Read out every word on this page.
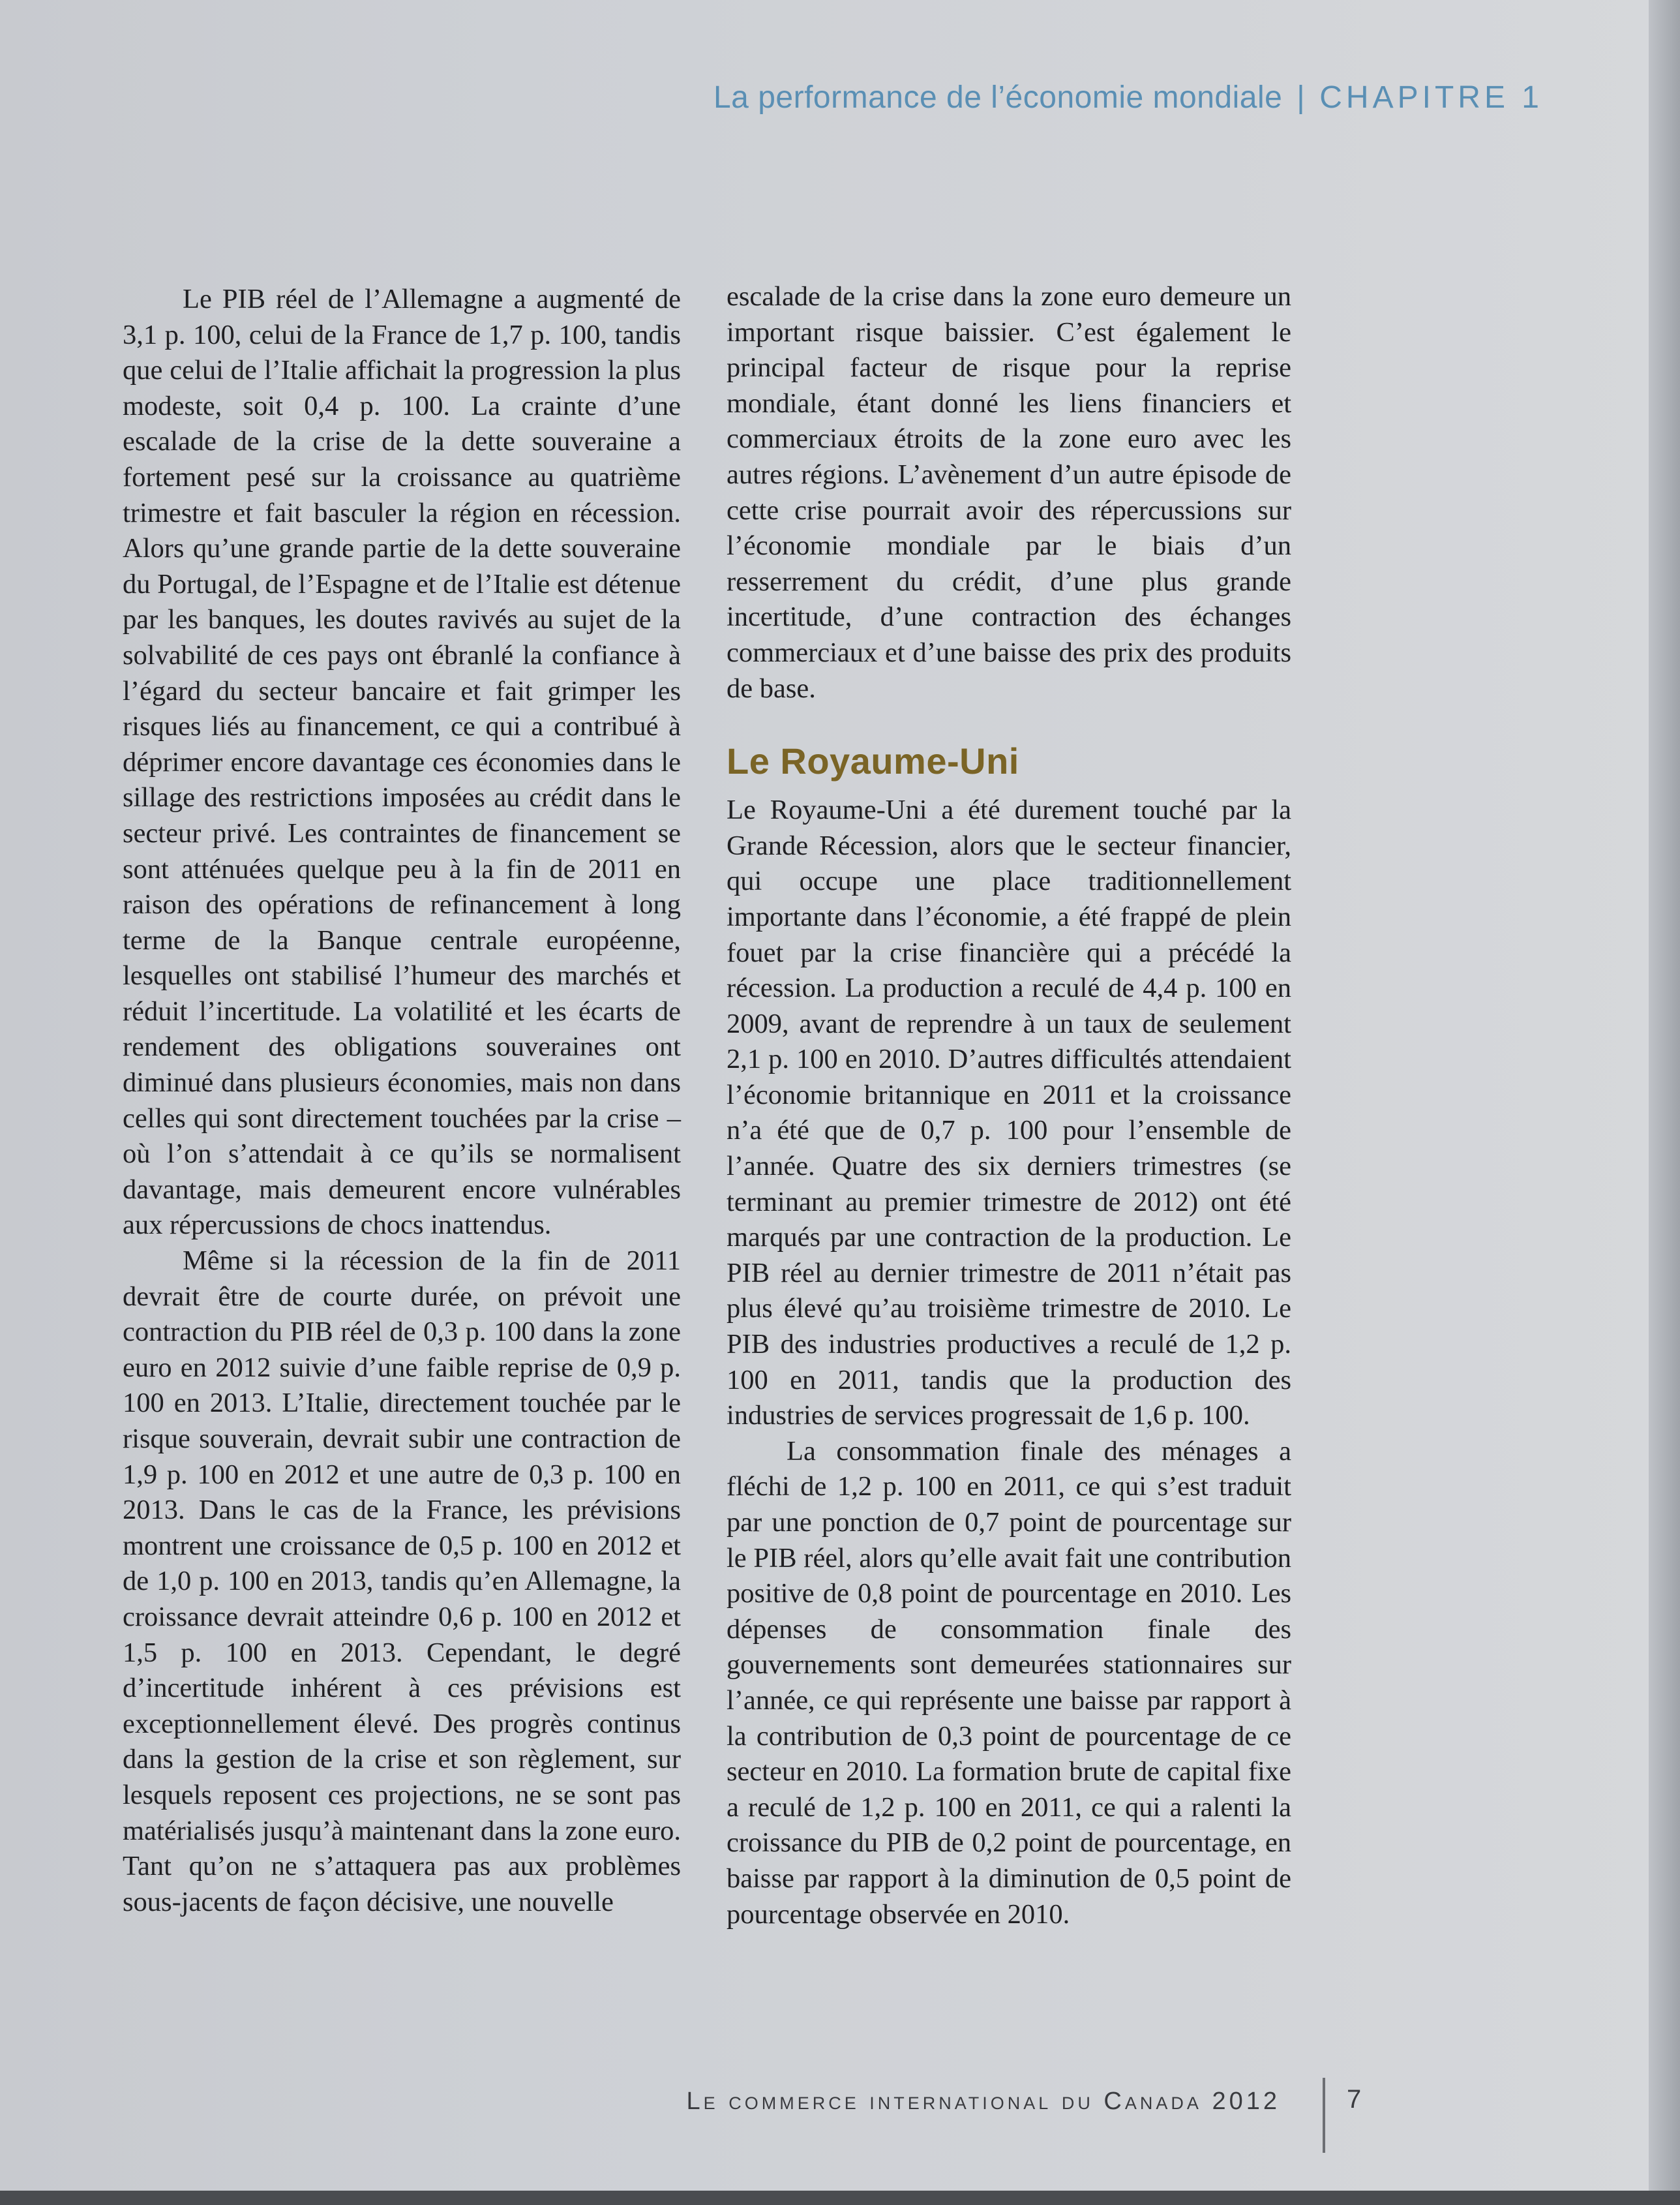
La performance de l’économie mondiale | CHAPITRE 1

Le PIB réel de l’Allemagne a augmenté de 3,1 p. 100, celui de la France de 1,7 p. 100, tandis que celui de l’Italie affichait la progression la plus modeste, soit 0,4 p. 100. La crainte d’une escalade de la crise de la dette souveraine a fortement pesé sur la croissance au quatrième trimestre et fait basculer la région en récession. Alors qu’une grande partie de la dette souveraine du Portugal, de l’Espagne et de l’Italie est détenue par les banques, les doutes ravivés au sujet de la solvabilité de ces pays ont ébranlé la confiance à l’égard du secteur bancaire et fait grimper les risques liés au financement, ce qui a contribué à déprimer encore davantage ces économies dans le sillage des restrictions imposées au crédit dans le secteur privé. Les contraintes de financement se sont atténuées quelque peu à la fin de 2011 en raison des opérations de refinancement à long terme de la Banque centrale européenne, lesquelles ont stabilisé l’humeur des marchés et réduit l’incertitude. La volatilité et les écarts de rendement des obligations souveraines ont diminué dans plusieurs économies, mais non dans celles qui sont directement touchées par la crise – où l’on s’attendait à ce qu’ils se normalisent davantage, mais demeurent encore vulnérables aux répercussions de chocs inattendus.

Même si la récession de la fin de 2011 devrait être de courte durée, on prévoit une contraction du PIB réel de 0,3 p. 100 dans la zone euro en 2012 suivie d’une faible reprise de 0,9 p. 100 en 2013. L’Italie, directement touchée par le risque souverain, devrait subir une contraction de 1,9 p. 100 en 2012 et une autre de 0,3 p. 100 en 2013. Dans le cas de la France, les prévisions montrent une croissance de 0,5 p. 100 en 2012 et de 1,0 p. 100 en 2013, tandis qu’en Allemagne, la croissance devrait atteindre 0,6 p. 100 en 2012 et 1,5 p. 100 en 2013. Cependant, le degré d’incertitude inhérent à ces prévisions est exceptionnellement élevé. Des progrès continus dans la gestion de la crise et son règlement, sur lesquels reposent ces projections, ne se sont pas matérialisés jusqu’à maintenant dans la zone euro. Tant qu’on ne s’attaquera pas aux problèmes sous-jacents de façon décisive, une nouvelle

escalade de la crise dans la zone euro demeure un important risque baissier. C’est également le principal facteur de risque pour la reprise mondiale, étant donné les liens financiers et commerciaux étroits de la zone euro avec les autres régions. L’avènement d’un autre épisode de cette crise pourrait avoir des répercussions sur l’économie mondiale par le biais d’un resserrement du crédit, d’une plus grande incertitude, d’une contraction des échanges commerciaux et d’une baisse des prix des produits de base.

Le Royaume-Uni

Le Royaume-Uni a été durement touché par la Grande Récession, alors que le secteur financier, qui occupe une place traditionnellement importante dans l’économie, a été frappé de plein fouet par la crise financière qui a précédé la récession. La production a reculé de 4,4 p. 100 en 2009, avant de reprendre à un taux de seulement 2,1 p. 100 en 2010. D’autres difficultés attendaient l’économie britannique en 2011 et la croissance n’a été que de 0,7 p. 100 pour l’ensemble de l’année. Quatre des six derniers trimestres (se terminant au premier trimestre de 2012) ont été marqués par une contraction de la production. Le PIB réel au dernier trimestre de 2011 n’était pas plus élevé qu’au troisième trimestre de 2010. Le PIB des industries productives a reculé de 1,2 p. 100 en 2011, tandis que la production des industries de services progressait de 1,6 p. 100.

La consommation finale des ménages a fléchi de 1,2 p. 100 en 2011, ce qui s’est traduit par une ponction de 0,7 point de pourcentage sur le PIB réel, alors qu’elle avait fait une contribution positive de 0,8 point de pourcentage en 2010. Les dépenses de consommation finale des gouvernements sont demeurées stationnaires sur l’année, ce qui représente une baisse par rapport à la contribution de 0,3 point de pourcentage de ce secteur en 2010. La formation brute de capital fixe a reculé de 1,2 p. 100 en 2011, ce qui a ralenti la croissance du PIB de 0,2 point de pourcentage, en baisse par rapport à la diminution de 0,5 point de pourcentage observée en 2010.

Le commerce international du Canada 2012	7
